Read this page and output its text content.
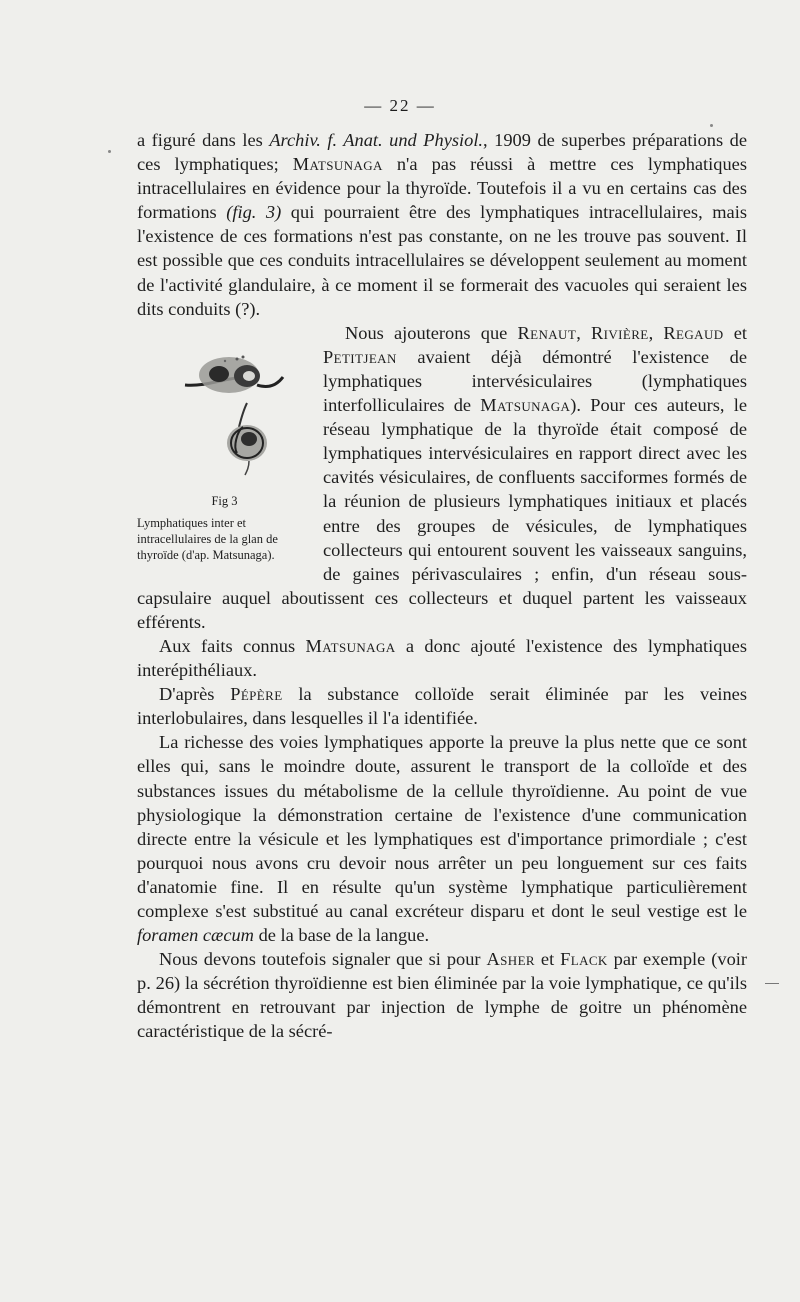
— 22 —

a figuré dans les Archiv. f. Anat. und Physiol., 1909 de superbes préparations de ces lymphatiques; Matsunaga n'a pas réussi à mettre ces lymphatiques intracellulaires en évidence pour la thyroïde. Toutefois il a vu en certains cas des formations (fig. 3) qui pourraient être des lymphatiques intracellulaires, mais l'existence de ces formations n'est pas constante, on ne les trouve pas souvent. Il est possible que ces conduits intracellulaires se développent seulement au moment de l'activité glandulaire, à ce moment il se formerait des vacuoles qui seraient les dits conduits (?).

Fig 3
Lymphatiques inter et intracellulaires de la glan de thyroïde (d'ap. Matsunaga).

Nous ajouterons que Renaut, Rivière, Regaud et Petitjean avaient déjà démontré l'existence de lymphatiques intervésiculaires (lymphatiques interfolliculaires de Matsunaga). Pour ces auteurs, le réseau lymphatique de la thyroïde était composé de lymphatiques intervésiculaires en rapport direct avec les cavités vésiculaires, de confluents sacciformes formés de la réunion de plusieurs lymphatiques initiaux et placés entre des groupes de vésicules, de lymphatiques collecteurs qui entourent souvent les vaisseaux sanguins, de gaines périvasculaires ; enfin, d'un réseau sous-capsulaire auquel aboutissent ces collecteurs et duquel partent les vaisseaux efférents.

Aux faits connus Matsunaga a donc ajouté l'existence des lymphatiques interépithéliaux.

D'après Pépère la substance colloïde serait éliminée par les veines interlobulaires, dans lesquelles il l'a identifiée.

La richesse des voies lymphatiques apporte la preuve la plus nette que ce sont elles qui, sans le moindre doute, assurent le transport de la colloïde et des substances issues du métabolisme de la cellule thyroïdienne. Au point de vue physiologique la démonstration certaine de l'existence d'une communication directe entre la vésicule et les lymphatiques est d'importance primordiale ; c'est pourquoi nous avons cru devoir nous arrêter un peu longuement sur ces faits d'anatomie fine. Il en résulte qu'un système lymphatique particulièrement complexe s'est substitué au canal excréteur disparu et dont le seul vestige est le foramen cæcum de la base de la langue.

Nous devons toutefois signaler que si pour Asher et Flack par exemple (voir p. 26) la sécrétion thyroïdienne est bien éliminée par la voie lymphatique, ce qu'ils démontrent en retrouvant par injection de lymphe de goitre un phénomène caractéristique de la sécré-
